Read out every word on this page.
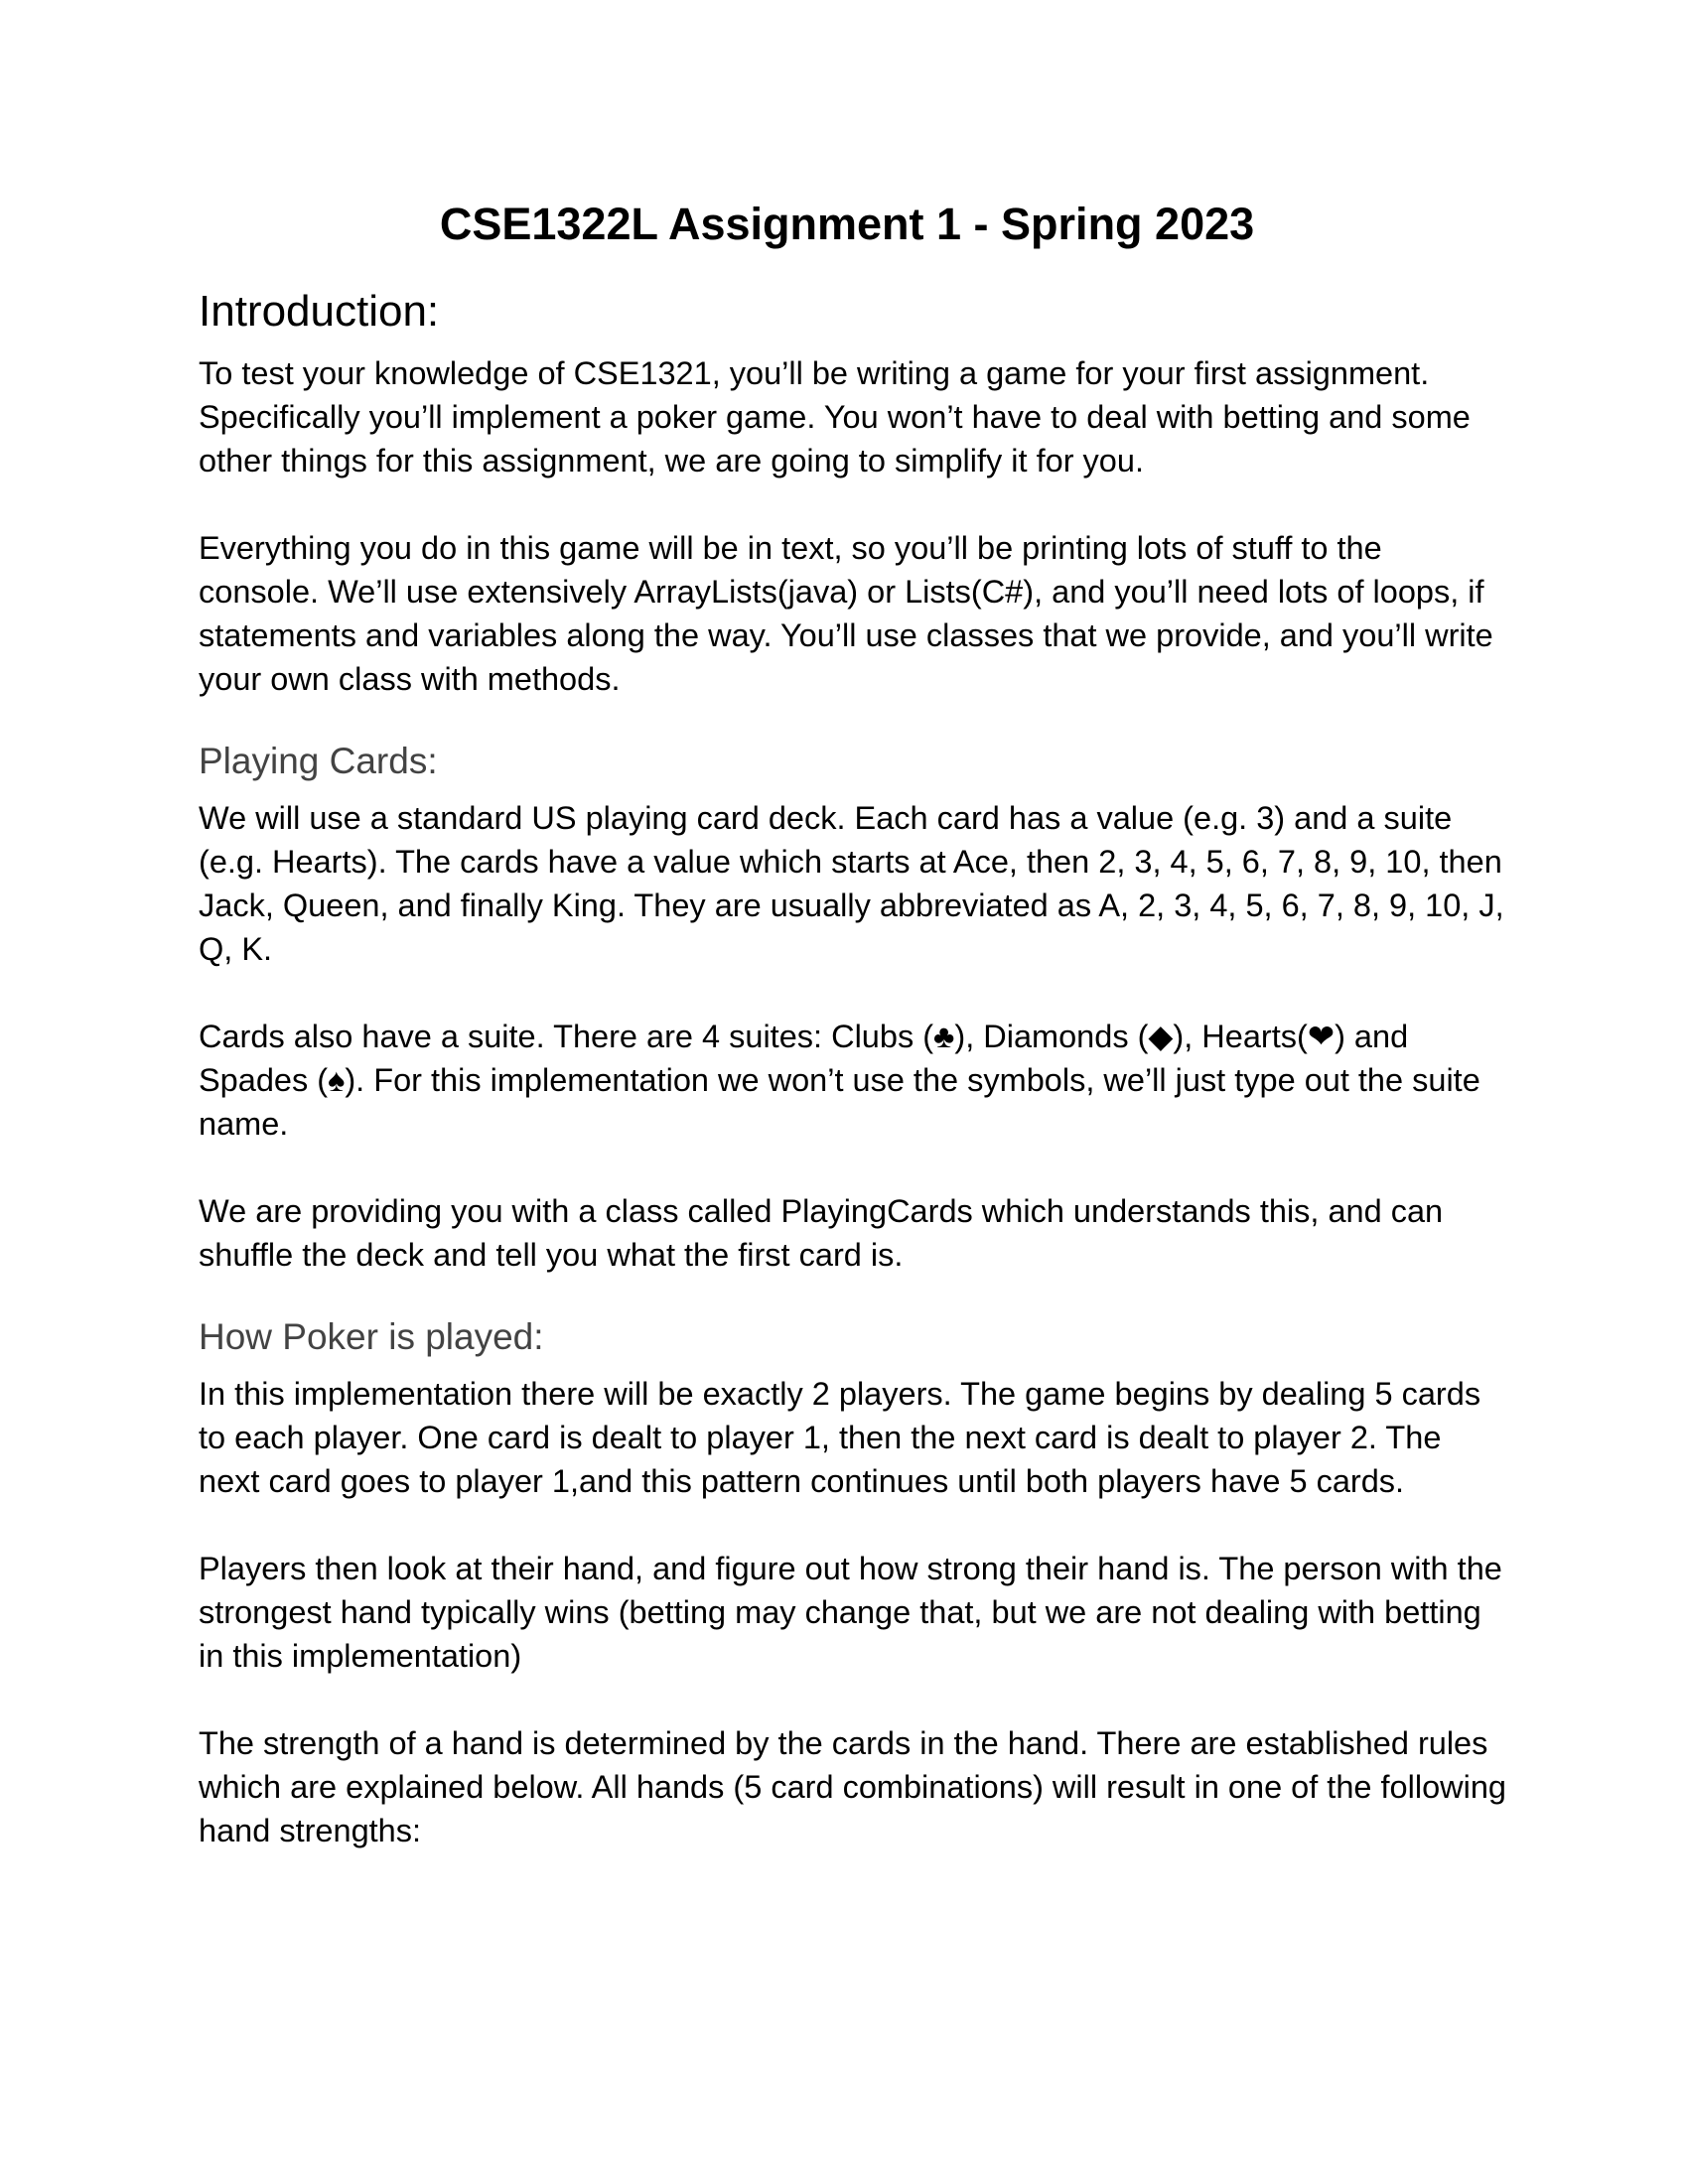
CSE1322L Assignment 1 - Spring 2023
Introduction:
To test your knowledge of CSE1321, you’ll be writing a game for your first assignment. Specifically you’ll implement a poker game. You won’t have to deal with betting and some other things for this assignment, we are going to simplify it for you.
Everything you do in this game will be in text, so you’ll be printing lots of stuff to the console. We’ll use extensively ArrayLists(java) or Lists(C#), and you’ll need lots of loops, if statements and variables along the way. You’ll use classes that we provide, and you’ll write your own class with methods.
Playing Cards:
We will use a standard US playing card deck. Each card has a value (e.g. 3) and a suite (e.g. Hearts). The cards have a value which starts at Ace, then 2, 3, 4, 5, 6, 7, 8, 9, 10, then Jack, Queen, and finally King. They are usually abbreviated as A, 2, 3, 4, 5, 6, 7, 8, 9, 10, J, Q, K.
Cards also have a suite. There are 4 suites: Clubs (♣), Diamonds (◆), Hearts(❤) and Spades (♠). For this implementation we won’t use the symbols, we’ll just type out the suite name.
We are providing you with a class called PlayingCards which understands this, and can shuffle the deck and tell you what the first card is.
How Poker is played:
In this implementation there will be exactly 2 players. The game begins by dealing 5 cards to each player. One card is dealt to player 1, then the next card is dealt to player 2. The next card goes to player 1,and this pattern continues until both players have 5 cards.
Players then look at their hand, and figure out how strong their hand is. The person with the strongest hand typically wins (betting may change that, but we are not dealing with betting in this implementation)
The strength of a hand is determined by the cards in the hand. There are established rules which are explained below. All hands (5 card combinations) will result in one of the following hand strengths:
